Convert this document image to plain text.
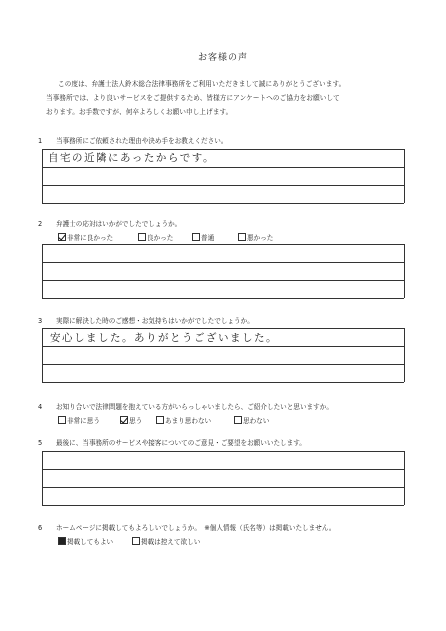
お客様の声

この度は、弁護士法人鈴木総合法律事務所をご利用いただきまして誠にありがとうございます。

当事務所では、より良いサービスをご提供するため、皆様方にアンケートへのご協力をお願いして

おります。お手数ですが、何卒よろしくお願い申し上げます。

1 当事務所にご依頼された理由や決め手をお教えください。
自宅の近隣にあったからです。
2 弁護士の応対はいかがでしたでしょうか。
非常に良かった	良かった	普通	悪かった
3 実際に解決した時のご感想・お気持ちはいかがでしたでしょうか。
安心しました。ありがとうございました。
4 お知り合いで法律問題を抱えている方がいらっしゃいましたら、ご紹介したいと思いますか。
非常に思う	思う	あまり思わない	思わない
5 最後に、当事務所のサービスや接客についてのご意見・ご要望をお願いいたします。
6 ホームページに掲載してもよろしいでしょうか。　※個人情報（氏名等）は掲載いたしません。
掲載してもよい	掲載は控えて欲しい
